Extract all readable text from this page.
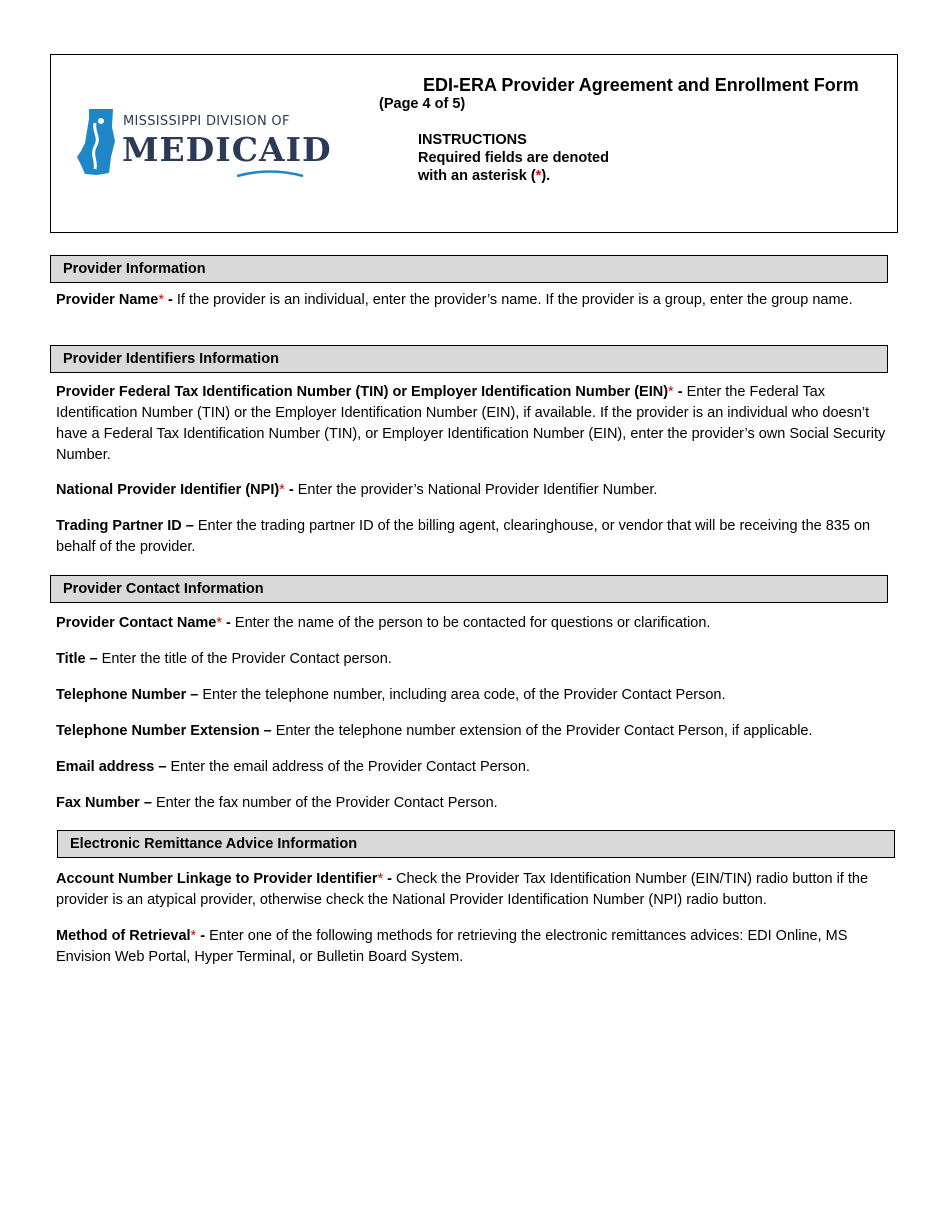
MISSISSIPPI DIVISION OF
MEDICAID
EDI-ERA Provider Agreement and Enrollment Form
(Page 4 of 5)
INSTRUCTIONS
Required fields are denoted
with an asterisk (*).
Provider Information
Provider Name* - If the provider is an individual, enter the provider’s name. If the provider is a group, enter the group name.
Provider Identifiers Information
Provider Federal Tax Identification Number (TIN) or Employer Identification Number (EIN)* - Enter the Federal Tax Identification Number (TIN) or the Employer Identification Number (EIN), if available. If the provider is an individual who doesn’t have a Federal Tax Identification Number (TIN), or Employer Identification Number (EIN), enter the provider’s own Social Security Number.
National Provider Identifier (NPI)* - Enter the provider’s National Provider Identifier Number.
Trading Partner ID – Enter the trading partner ID of the billing agent, clearinghouse, or vendor that will be receiving the 835 on behalf of the provider.
Provider Contact Information
Provider Contact Name* - Enter the name of the person to be contacted for questions or clarification.
Title – Enter the title of the Provider Contact person.
Telephone Number – Enter the telephone number, including area code, of the Provider Contact Person.
Telephone Number Extension – Enter the telephone number extension of the Provider Contact Person, if applicable.
Email address – Enter the email address of the Provider Contact Person.
Fax Number – Enter the fax number of the Provider Contact Person.
Electronic Remittance Advice Information
Account Number Linkage to Provider Identifier* - Check the Provider Tax Identification Number (EIN/TIN) radio button if the provider is an atypical provider, otherwise check the National Provider Identification Number (NPI) radio button.
Method of Retrieval* - Enter one of the following methods for retrieving the electronic remittances advices: EDI Online, MS Envision Web Portal, Hyper Terminal, or Bulletin Board System.
